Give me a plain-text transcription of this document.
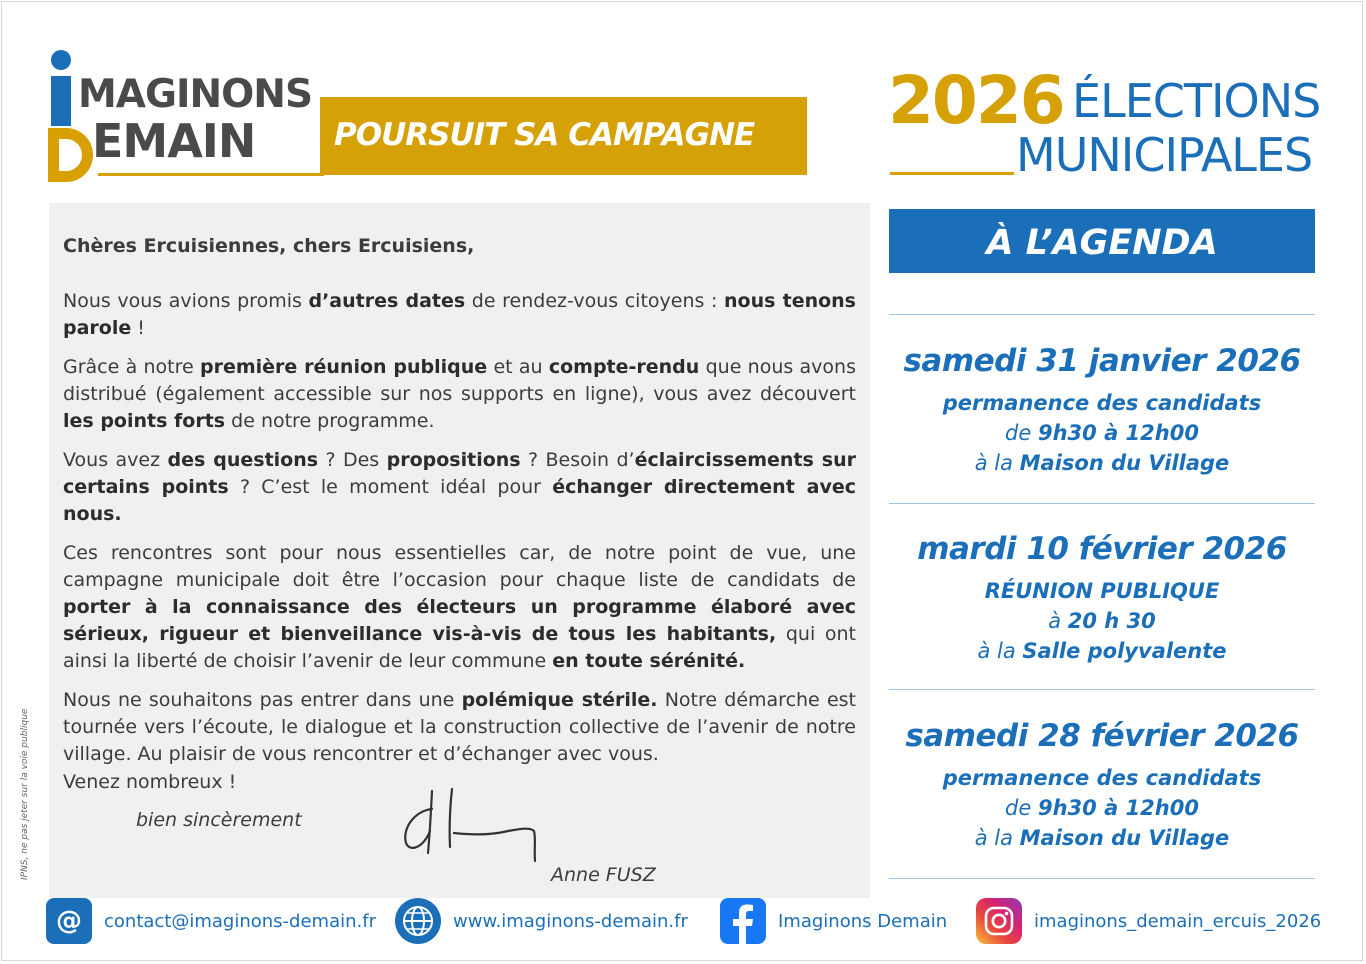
MAGINONS
EMAIN	POURSUIT SA CAMPAGNE 2026 ÉLECTIONS
MUNICIPALES
À L’AGENDA
samedi 31 janvier 2026
permanence des candidats
de 9h30 à 12h00
à la Maison du Village
mardi 10 février 2026
RÉUNION PUBLIQUE
à 20 h 30
à la Salle polyvalente
samedi 28 février 2026
permanence des candidats
de 9h30 à 12h00
à la Maison du Village

Chères Ercuisiennes, chers Ercuisiens,

Nous vous avions promis d’autres dates de rendez-vous citoyens : nous tenons parole !

Grâce à notre première réunion publique et au compte-rendu que nous avons distribué (également accessible sur nos supports en ligne), vous avez découvert les points forts de notre programme.

Vous avez des questions ? Des propositions ? Besoin d’éclaircissements sur certains points ? C’est le moment idéal pour échanger directement avec nous.

Ces rencontres sont pour nous essentielles car, de notre point de vue, une campagne municipale doit être l’occasion pour chaque liste de candidats de porter à la connaissance des électeurs un programme élaboré avec sérieux, rigueur et bienveillance vis-à-vis de tous les habitants, qui ont ainsi la liberté de choisir l’avenir de leur commune en toute sérénité.

Nous ne souhaitons pas entrer dans une polémique stérile. Notre démarche est tournée vers l’écoute, le dialogue et la construction collective de l’avenir de notre village. Au plaisir de vous rencontrer et d’échanger avec vous.

Venez nombreux !
bien sincèrement
Anne FUSZ
IPNS, ne pas jeter sur la voie publique
@	contact@imaginons-demain.fr	www.imaginons-demain.fr	Imaginons Demain	imaginons_demain_ercuis_2026
